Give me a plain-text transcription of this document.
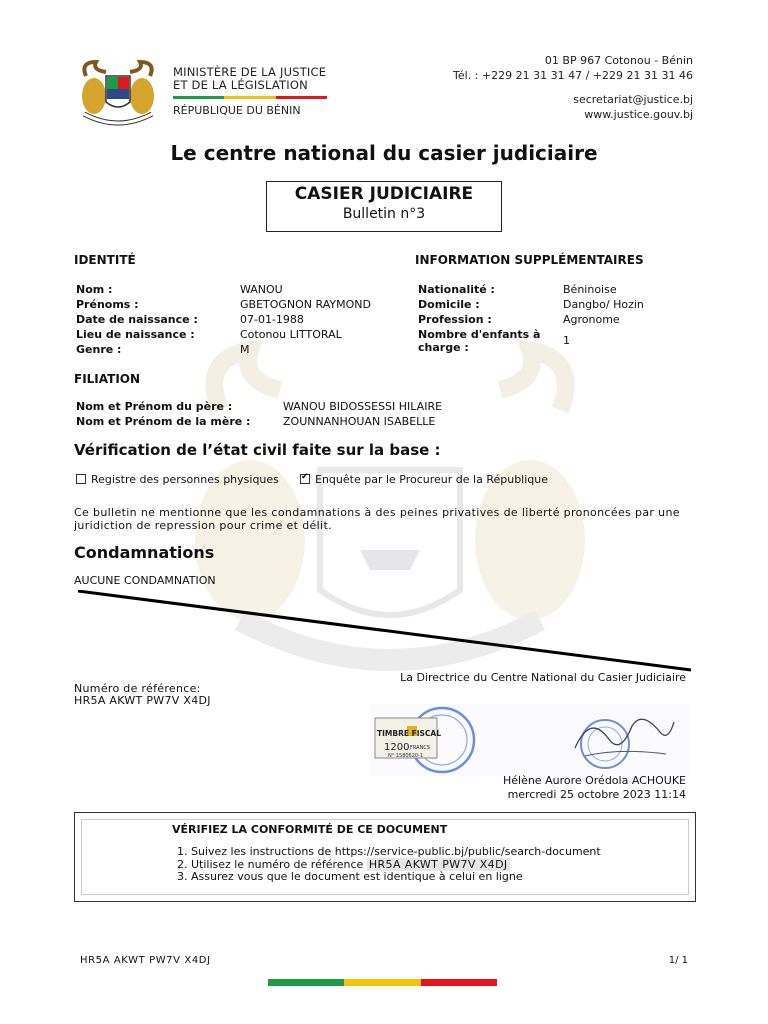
MINISTÈRE DE LA JUSTICE
ET DE LA LÉGISLATION
RÉPUBLIQUE DU BÉNIN
01 BP 967 Cotonou - Bénin
Tél. : +229 21 31 31 47 / +229 21 31 31 46
secretariat@justice.bj
www.justice.gouv.bj
Le centre national du casier judiciaire
CASIER JUDICIAIRE
Bulletin n°3
IDENTITÉ
Nom :	WANOU
Prénoms :	GBETOGNON RAYMOND
Date de naissance :	07-01-1988
Lieu de naissance :	Cotonou LITTORAL
Genre :	M
INFORMATION SUPPLÉMENTAIRES
Nationalité :	Béninoise
Domicile :	Dangbo/ Hozin
Profession :	Agronome
Nombre d'enfants à charge :
1
FILIATION
Nom et Prénom du père :	WANOU BIDOSSESSI HILAIRE
Nom et Prénom de la mère :	ZOUNNANHOUAN ISABELLE
Vérification de l’état civil faite sur la base :
Registre des personnes physiques
✔	Enquête par le Procureur de la République
Ce bulletin ne mentionne que les condamnations à des peines privatives de liberté prononcées par une juridiction de repression pour crime et délit.
Condamnations
AUCUNE CONDAMNATION
La Directrice du Centre National du Casier Judiciaire
Numéro de référence:
HR5A AKWT PW7V X4DJ
TIMBRE FISCAL
1200 FRANCS
N° 1580620-1
Hélène Aurore Orédola ACHOUKE
mercredi 25 octobre 2023 11:14
VÉRIFIEZ LA CONFORMITÉ DE CE DOCUMENT
1. Suivez les instructions de https://service-public.bj/public/search-document
2. Utilisez le numéro de référence HR5A AKWT PW7V X4DJ
3. Assurez vous que le document est identique à celui en ligne
HR5A AKWT PW7V X4DJ	1/ 1
